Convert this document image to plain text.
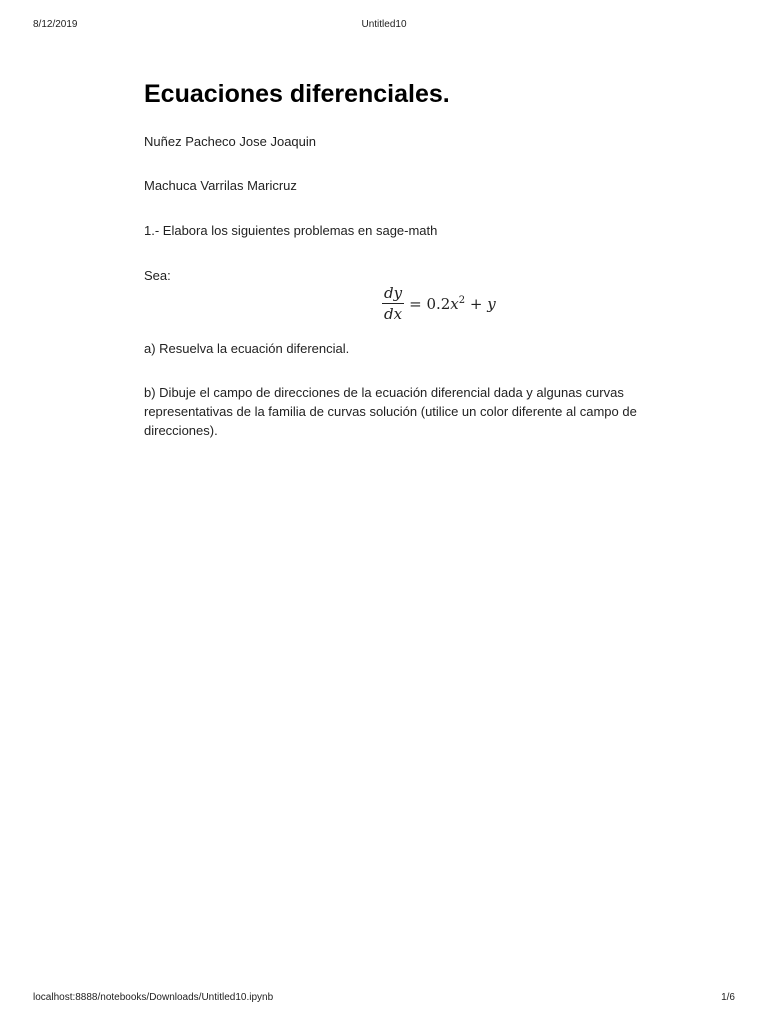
8/12/2019	Untitled10
Ecuaciones diferenciales.

Nuñez Pacheco Jose Joaquin

Machuca Varrilas Maricruz

1.- Elabora los siguientes problemas en sage-math

Sea:

$\frac{dy}{dx} = 0.2x^2 + y$

a) Resuelva la ecuación diferencial.

b) Dibuje el campo de direcciones de la ecuación diferencial dada y algunas curvas representativas de la familia de curvas solución (utilice un color diferente al campo de direcciones).

localhost:8888/notebooks/Downloads/Untitled10.ipynb	1/6
